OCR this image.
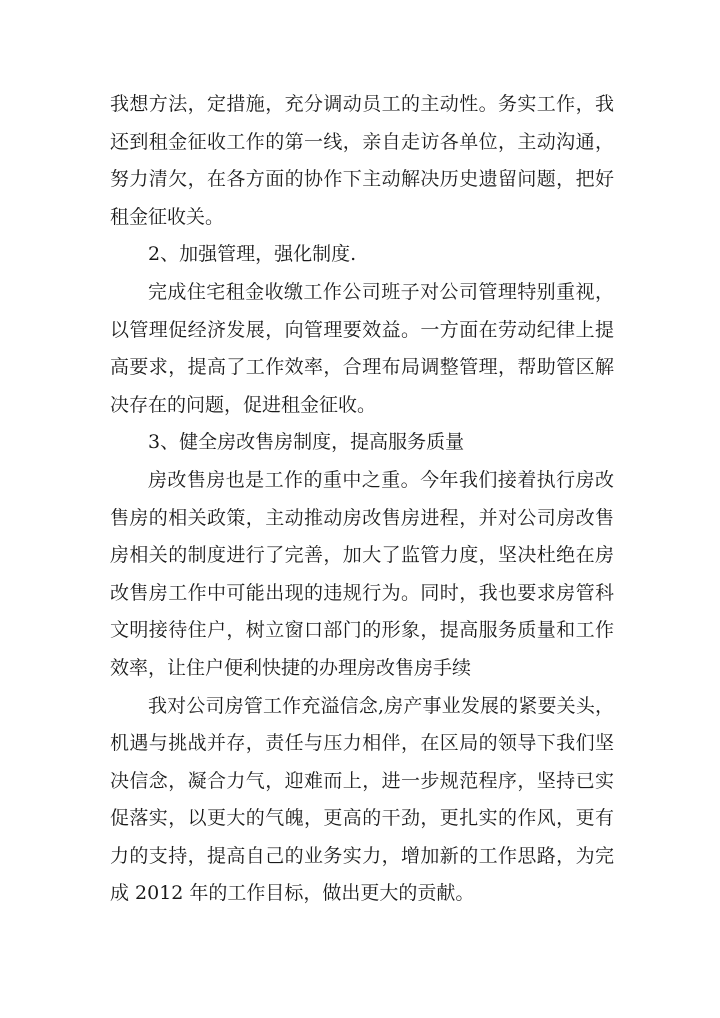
我想方法，定措施，充分调动员工的主动性。务实工作，我还到租金征收工作的第一线，亲自走访各单位，主动沟通，努力清欠，在各方面的协作下主动解决历史遗留问题，把好租金征收关。

2、加强管理，强化制度.

完成住宅租金收缴工作公司班子对公司管理特别重视，以管理促经济发展，向管理要效益。一方面在劳动纪律上提高要求，提高了工作效率，合理布局调整管理，帮助管区解决存在的问题，促进租金征收。

3、健全房改售房制度，提高服务质量

房改售房也是工作的重中之重。今年我们接着执行房改售房的相关政策，主动推动房改售房进程，并对公司房改售房相关的制度进行了完善，加大了监管力度，坚决杜绝在房改售房工作中可能出现的违规行为。同时，我也要求房管科文明接待住户，树立窗口部门的形象，提高服务质量和工作效率，让住户便利快捷的办理房改售房手续

我对公司房管工作充溢信念,房产事业发展的紧要关头，机遇与挑战并存，责任与压力相伴，在区局的领导下我们坚决信念，凝合力气，迎难而上，进一步规范程序，坚持已实促落实，以更大的气魄，更高的干劲，更扎实的作风，更有力的支持，提高自己的业务实力，增加新的工作思路，为完成 2012 年的工作目标，做出更大的贡献。
